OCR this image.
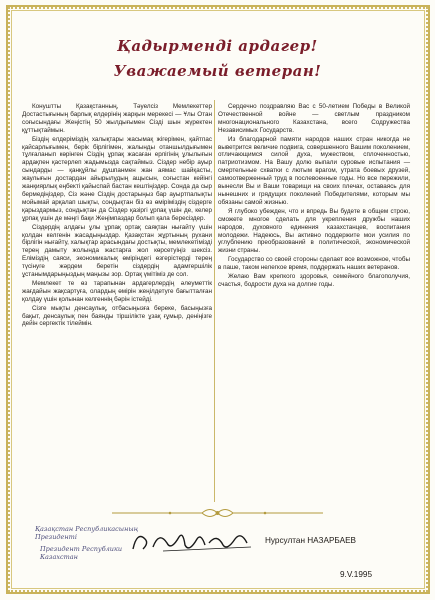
Қадырменді ардагер!
Уважаемый ветеран!

Конуштты Қазақстанның, Тәуелсіз Мемлекеттер Достастығының барлық елдерінің жарқын мерекесі — Ұлы Отан соғысындағы Жеңістің 50 жылдығымен Сізді шын жүректен құттықтаймын.

Біздің елдеріміздің халықтары жасымақ жігерімен, қайтпас қайсарлығымен, берік бірлігімен, жалынды отаншылдығымен тұлғаланып көрінген Сіздің ұрпақ жасаған ерлігінің ұлылығын ардақпен қастерлеп жадымызда сақтаймыз. Сіздер небір ауыр сындарды — қанқұйлы дұшпанмен жан аямас шайқасты, жаулығын достардан айырылудың ащысын, соғыстан кейінгі жанқиярлық еңбекті қайыспай бастан кештіңіздер. Сонда да сыр бермедіңіздер, Сіз және Сіздің достарыңыз бар ауыртпалықты мойымай арқалап шықты, сондықтан біз өз өміріміздің сіздерге қарыздармыз, сондықтан да Сіздер қазіргі ұрпақ үшін де, келер ұрпақ үшін де мәңгі бақи Жеңімпаздар болып қала бересіздер.

Сіздердің алдағы ұлы ұрпақ ортақ саяқтан нығайту үшін қолдан келгенін жасадыңыздар. Қазақстан жұртының рухани бірлігін нығайту, халықтар арасындағы достықты, мемлекетімізді терең дамыту жолында жастарға жол көрсетуіңіз шексіз. Еліміздің саяси, экономикалық өміріндегі өзгерістерді терең түсінуге жәрдем беретін сіздердің адамгершілік ұстанымдарыңыздың маңызы зор. Ортақ үмітіміз де сол.

Мемлекет те өз тарапынан ардагерлердің әлеуметтік жағдайын жақсартуға, олардың өмірін жеңілдетуге бағытталған қолдау үшін қолынан келгеннің бәрін істейді.

Сізге мықты денсаулық, отбасыңызға береке, басыңызға бақыт, денсаулық пен баянды тіршілікте ұзақ ғұмыр, деніңізге дейін сергектік тілеймін.

Сердечно поздравляю Вас с 50-летием Победы в Великой Отечественной войне — светлым праздником многонационального Казахстана, всего Содружества Независимых Государств.

Из благодарной памяти народов наших стран никогда не выветрится величие подвига, совершенного Вашим поколением, отличающимся силой духа, мужеством, сплоченностью, патриотизмом. На Вашу долю выпали суровые испытания — смертельные схватки с лютым врагом, утрата боевых друзей, самоотверженный труд в послевоенные годы. Но все пережили, вынесли Вы и Ваши товарищи на своих плечах, оставаясь для нынешних и грядущих поколений Победителями, которым мы обязаны самой жизнью.

Я глубоко убежден, что и впредь Вы будете в общем строю, сможете многое сделать для укрепления дружбы наших народов, духовного единения казахстанцев, воспитания молодежи. Надеюсь, Вы активно поддержите мои усилия по углублению преобразований в политической, экономической жизни страны.

Государство со своей стороны сделает все возможное, чтобы в паше, таком нелегкое время, поддержать наших ветеранов.

Желаю Вам крепкого здоровья, семейного благополучия, счастья, бодрости духа на долгие годы.

Қазақстан Республикасының Президенті
Президент Республики Казахстан
Нурсултан НАЗАРБАЕВ
9.V.1995
